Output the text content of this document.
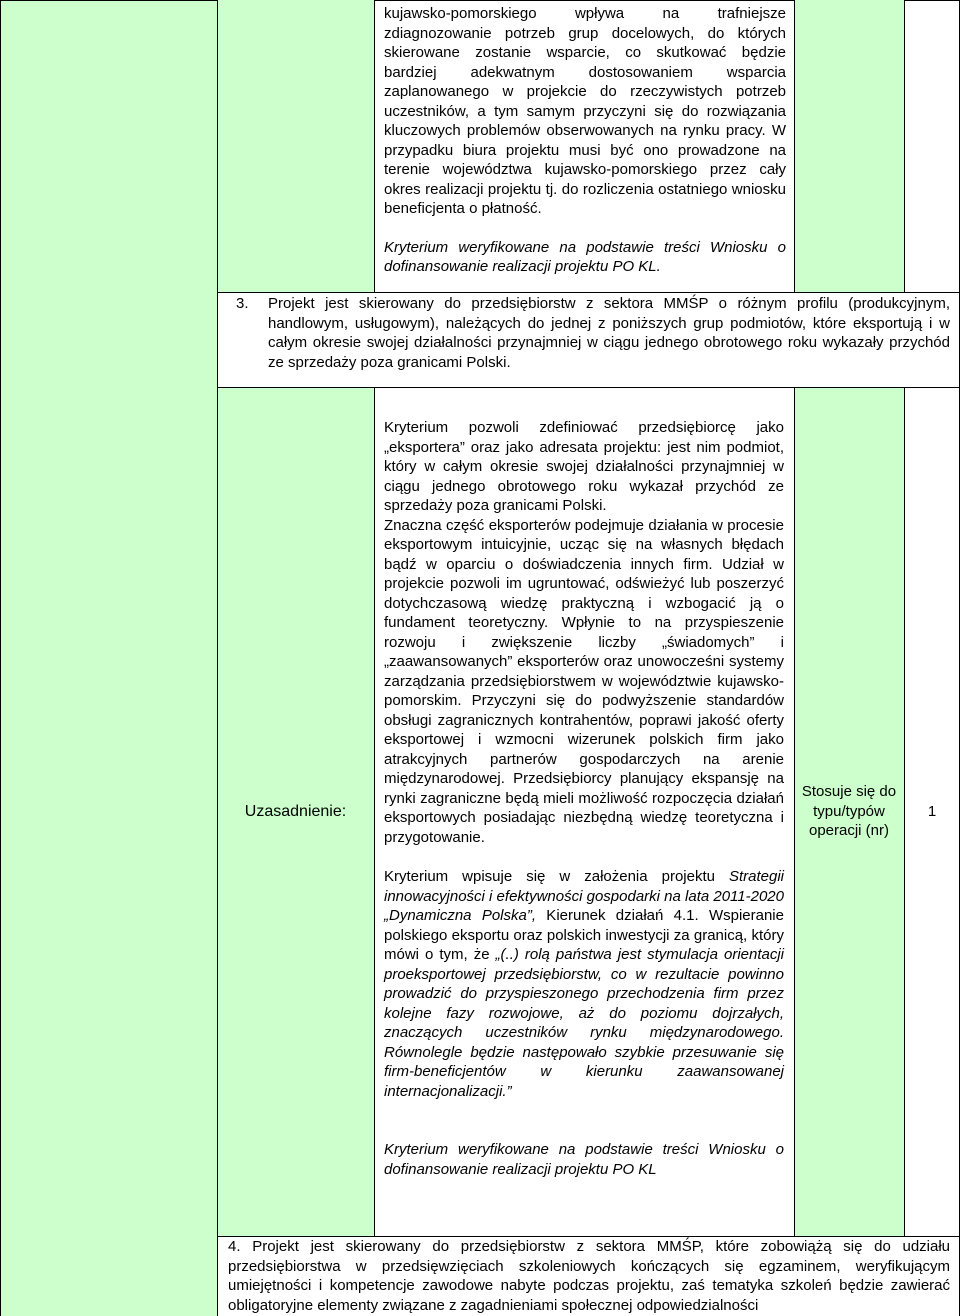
kujawsko-pomorskiego wpływa na trafniejsze zdiagnozowanie potrzeb grup docelowych, do których skierowane zostanie wsparcie, co skutkować będzie bardziej adekwatnym dostosowaniem wsparcia zaplanowanego w projekcie do rzeczywistych potrzeb uczestników, a tym samym przyczyni się do rozwiązania kluczowych problemów obserwowanych na rynku pracy. W przypadku biura projektu musi być ono prowadzone na terenie województwa kujawsko-pomorskiego przez cały okres realizacji projektu tj. do rozliczenia ostatniego wniosku beneficjenta o płatność.

Kryterium weryfikowane na podstawie treści Wniosku o dofinansowanie realizacji projektu PO KL.

Projekt jest skierowany do przedsiębiorstw z sektora MMŚP o różnym profilu (produkcyjnym, handlowym, usługowym), należących do jednej z poniższych grup podmiotów, które eksportują i w całym okresie swojej działalności przynajmniej w ciągu jednego obrotowego roku wykazały przychód ze sprzedaży poza granicami Polski.
3.
Uzasadnienie:

Kryterium pozwoli zdefiniować przedsiębiorcę jako „eksportera” oraz jako adresata projektu: jest nim podmiot, który w całym okresie swojej działalności przynajmniej w ciągu jednego obrotowego roku wykazał przychód ze sprzedaży poza granicami Polski.

Znaczna część eksporterów podejmuje działania w procesie eksportowym intuicyjnie, ucząc się na własnych błędach bądź w oparciu o doświadczenia innych firm. Udział w projekcie pozwoli im ugruntować, odświeżyć lub poszerzyć dotychczasową wiedzę praktyczną i wzbogacić ją o fundament teoretyczny. Wpłynie to na przyspieszenie rozwoju i zwiększenie liczby „świadomych” i „zaawansowanych” eksporterów oraz unowocześni systemy zarządzania przedsiębiorstwem w województwie kujawsko-pomorskim. Przyczyni się do podwyższenie standardów obsługi zagranicznych kontrahentów, poprawi jakość oferty eksportowej i wzmocni wizerunek polskich firm jako atrakcyjnych partnerów gospodarczych na arenie międzynarodowej. Przedsiębiorcy planujący ekspansję na rynki zagraniczne będą mieli możliwość rozpoczęcia działań eksportowych posiadając niezbędną wiedzę teoretyczna i przygotowanie.

Kryterium wpisuje się w założenia projektu Strategii innowacyjności i efektywności gospodarki na lata 2011-2020 „Dynamiczna Polska”, Kierunek działań 4.1. Wspieranie polskiego eksportu oraz polskich inwestycji za granicą, który mówi o tym, że „(..) rolą państwa jest stymulacja orientacji proeksportowej przedsiębiorstw, co w rezultacie powinno prowadzić do przyspieszonego przechodzenia firm przez kolejne fazy rozwojowe, aż do poziomu dojrzałych, znaczących uczestników rynku międzynarodowego. Równolegle będzie następowało szybkie przesuwanie się firm-beneficjentów w kierunku zaawansowanej internacjonalizacji.”

Kryterium weryfikowane na podstawie treści Wniosku o dofinansowanie realizacji projektu PO KL

Stosuje się do typu/typów operacji (nr)
1
4. Projekt jest skierowany do przedsiębiorstw z sektora MMŚP, które zobowiążą się do udziału przedsiębiorstwa w przedsięwzięciach szkoleniowych kończących się egzaminem, weryfikującym umiejętności i kompetencje zawodowe nabyte podczas projektu, zaś tematyka szkoleń będzie zawierać obligatoryjne elementy związane z zagadnieniami społecznej odpowiedzialności
